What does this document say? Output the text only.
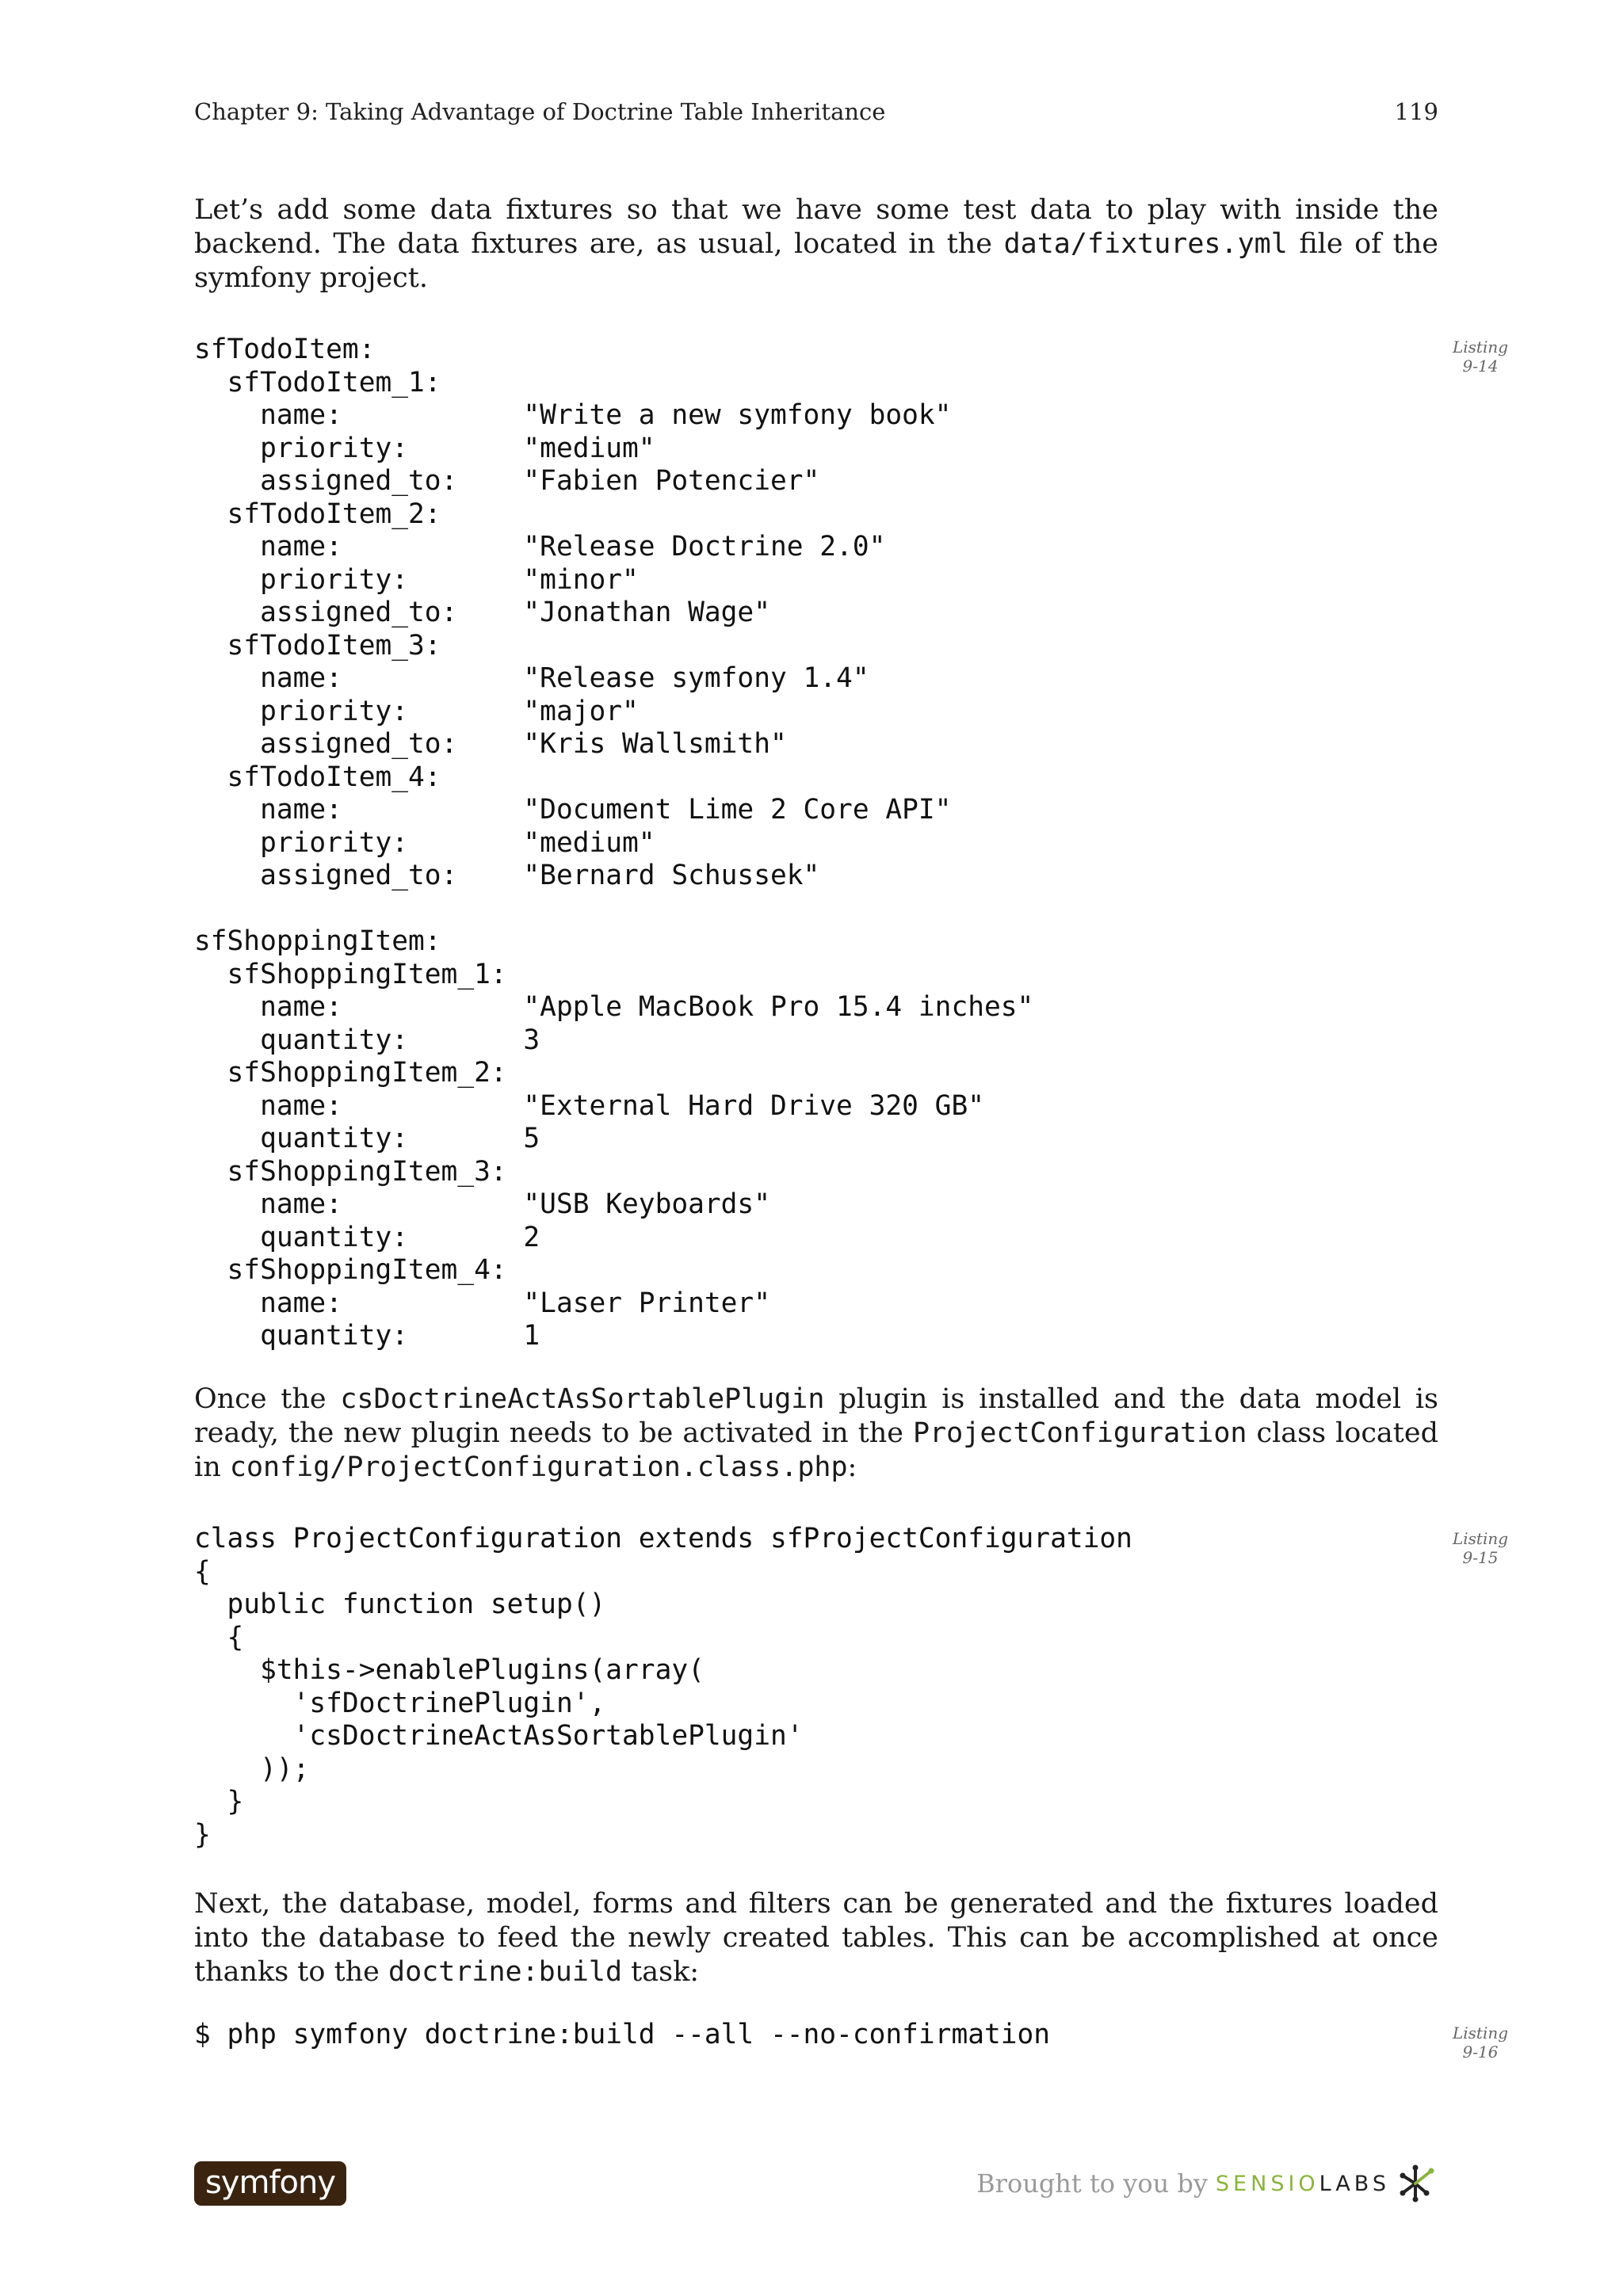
Chapter 9: Taking Advantage of Doctrine Table Inheritance	119

Let’s add some data fixtures so that we have some test data to play with inside the backend. The data fixtures are, as usual, located in the data/fixtures.yml file of the symfony project.

sfTodoItem:
sfTodoItem_1:
name:           "Write a new symfony book"
priority:       "medium"
assigned_to:    "Fabien Potencier"
sfTodoItem_2:
name:           "Release Doctrine 2.0"
priority:       "minor"
assigned_to:    "Jonathan Wage"
sfTodoItem_3:
name:           "Release symfony 1.4"
priority:       "major"
assigned_to:    "Kris Wallsmith"
sfTodoItem_4:
name:           "Document Lime 2 Core API"
priority:       "medium"
assigned_to:    "Bernard Schussek"

sfShoppingItem:
sfShoppingItem_1:
name:           "Apple MacBook Pro 15.4 inches"
quantity:       3
sfShoppingItem_2:
name:           "External Hard Drive 320 GB"
quantity:       5
sfShoppingItem_3:
name:           "USB Keyboards"
quantity:       2
sfShoppingItem_4:
name:           "Laser Printer"
quantity:       1
Listing
9-14

Once the csDoctrineActAsSortablePlugin plugin is installed and the data model is ready, the new plugin needs to be activated in the ProjectConfiguration class located in config/ProjectConfiguration.class.php:

class ProjectConfiguration extends sfProjectConfiguration
{
public function setup()
{
$this->enablePlugins(array(
'sfDoctrinePlugin',
'csDoctrineActAsSortablePlugin'
));
}
}
Listing
9-15

Next, the database, model, forms and filters can be generated and the fixtures loaded into the database to feed the newly created tables. This can be accomplished at once thanks to the doctrine:build task:

$ php symfony doctrine:build --all --no-confirmation	Listing
9-16
symfony	Brought to you by SENSIO LABS
